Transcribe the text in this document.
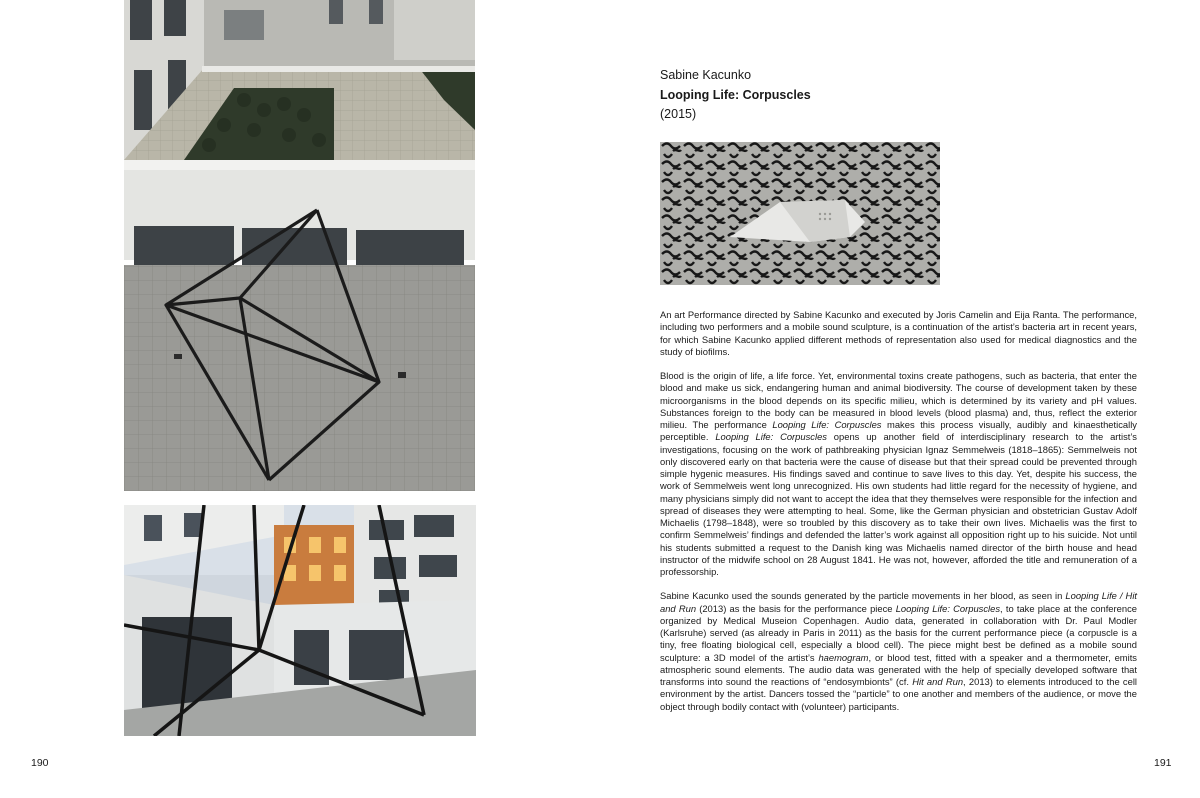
Sabine Kacunko
Looping Life: Corpuscles
(2015)

An art Performance directed by Sabine Kacunko and executed by Joris Camelin and Eija Ranta. The performance, including two performers and a mobile sound sculpture, is a continuation of the artist’s bacteria art in recent years, for which Sabine Kacunko applied different methods of representation also used for medical diagnostics and the study of biofilms.

Blood is the origin of life, a life force. Yet, environmental toxins create pathogens, such as bacteria, that enter the blood and make us sick, endangering human and animal biodiversity. The course of development taken by these microorganisms in the blood depends on its specific milieu, which is determined by its variety and pH values. Substances foreign to the body can be measured in blood levels (blood plasma) and, thus, reflect the exterior milieu. The performance Looping Life: Corpuscles makes this process visually, audibly and kinaesthetically perceptible. Looping Life: Corpuscles opens up another field of interdisciplinary research to the artist’s investigations, focusing on the work of pathbreaking physician Ignaz Semmelweis (1818–1865): Semmelweis not only discovered early on that bacteria were the cause of disease but that their spread could be prevented through simple hygenic measures. His findings saved and continue to save lives to this day. Yet, despite his success, the work of Semmelweis went long unrecognized. His own students had little regard for the necessity of hygiene, and many physicians simply did not want to accept the idea that they themselves were responsible for the infection and spread of diseases they were attempting to heal. Some, like the German physician and obstetrician Gustav Adolf Michaelis (1798–1848), were so troubled by this discovery as to take their own lives. Michaelis was the first to confirm Semmelweis’ findings and defended the latter’s work against all opposition right up to his suicide. Not until his students submitted a request to the Danish king was Michaelis named director of the birth house and head instructor of the midwife school on 28 August 1841. He was not, however, afforded the title and remuneration of a professorship.

Sabine Kacunko used the sounds generated by the particle movements in her blood, as seen in Looping Life / Hit and Run (2013) as the basis for the performance piece Looping Life: Corpuscles, to take place at the conference organized by Medical Museion Copenhagen. Audio data, generated in collaboration with Dr. Paul Modler (Karlsruhe) served (as already in Paris in 2011) as the basis for the current performance piece (a corpuscle is a tiny, free floating biological cell, especially a blood cell). The piece might best be defined as a mobile sound sculpture: a 3D model of the artist’s haemogram, or blood test, fitted with a speaker and a thermometer, emits atmospheric sound elements. The audio data was generated with the help of specially developed software that transforms into sound the reactions of “endosymbionts” (cf. Hit and Run, 2013) to elements introduced to the cell environment by the artist. Dancers tossed the “particle” to one another and members of the audience, or move the object through bodily contact with (volunteer) participants.

190	191
